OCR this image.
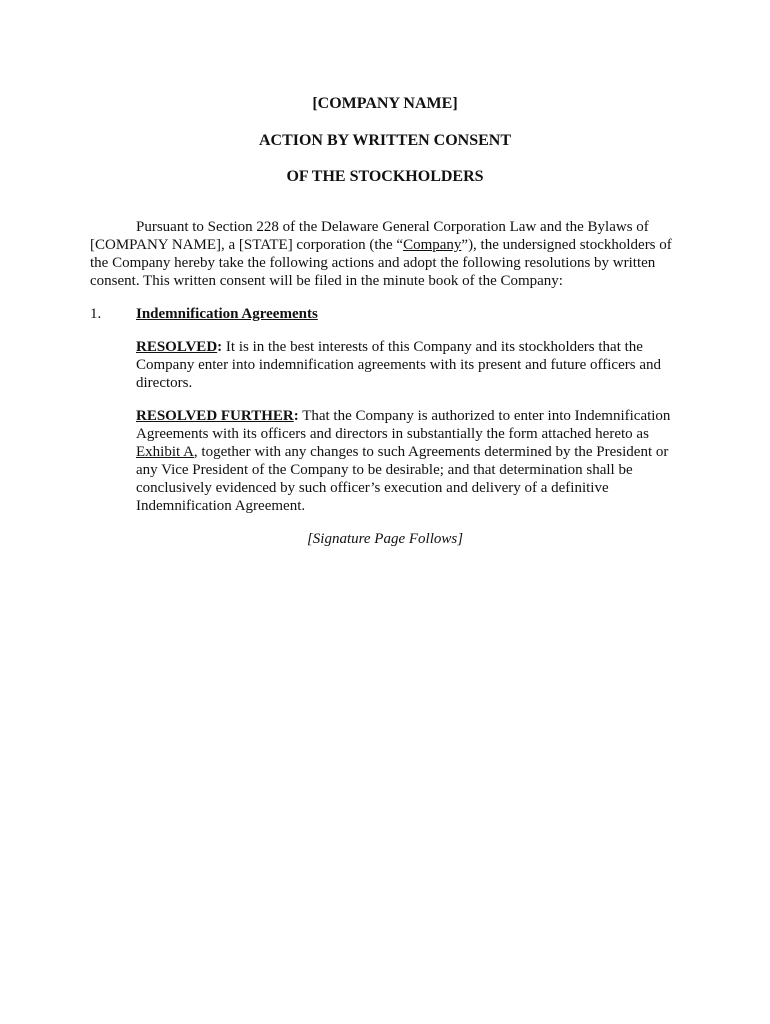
[COMPANY NAME]
ACTION BY WRITTEN CONSENT
OF THE STOCKHOLDERS

Pursuant to Section 228 of the Delaware General Corporation Law and the Bylaws of [COMPANY NAME], a [STATE] corporation (the “Company”), the undersigned stockholders of the Company hereby take the following actions and adopt the following resolutions by written consent. This written consent will be filed in the minute book of the Company:

1. Indemnification Agreements

RESOLVED: It is in the best interests of this Company and its stockholders that the Company enter into indemnification agreements with its present and future officers and directors.

RESOLVED FURTHER: That the Company is authorized to enter into Indemnification Agreements with its officers and directors in substantially the form attached hereto as Exhibit A, together with any changes to such Agreements determined by the President or any Vice President of the Company to be desirable; and that determination shall be conclusively evidenced by such officer’s execution and delivery of a definitive Indemnification Agreement.

[Signature Page Follows]
